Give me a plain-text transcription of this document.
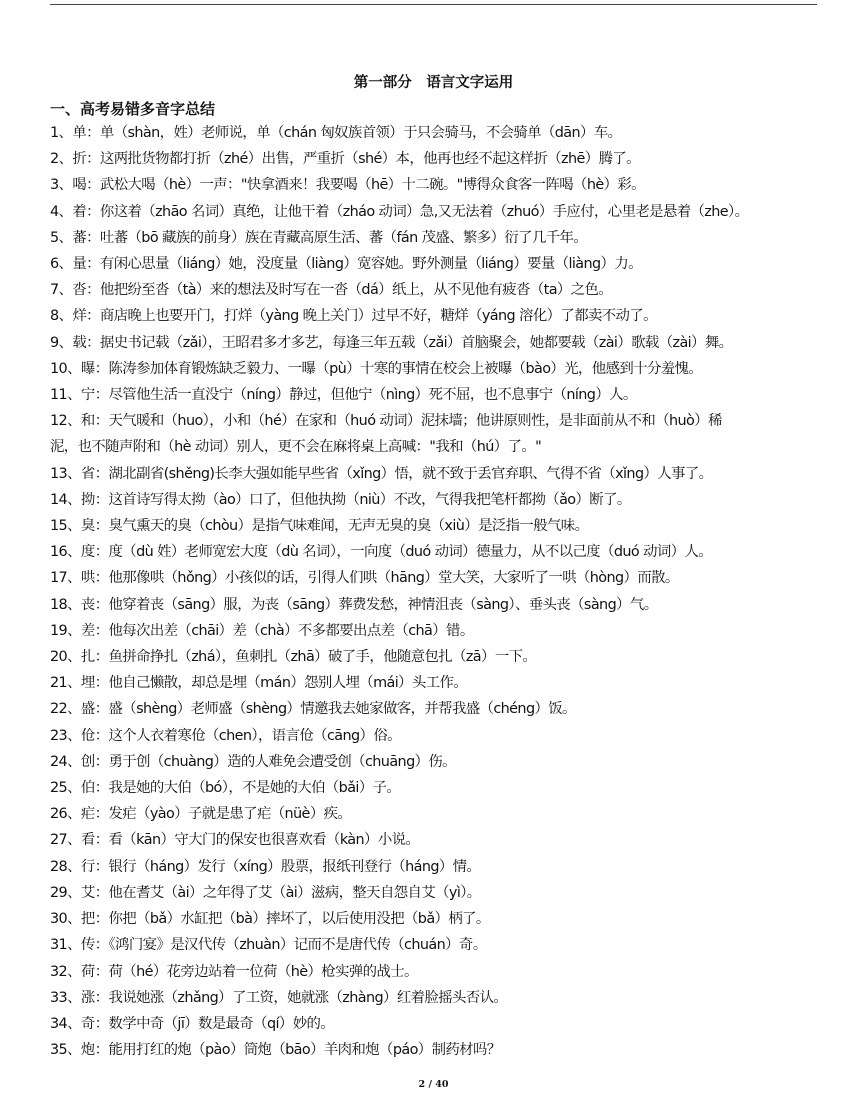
第一部分　语言文字运用
一、高考易错多音字总结
1、单：单（shàn，姓）老师说，单（chán 匈奴族首领）于只会骑马，不会骑单（dān）车。
2、折：这两批货物都打折（zhé）出售，严重折（shé）本，他再也经不起这样折（zhē）腾了。
3、喝：武松大喝（hè）一声："快拿酒来！我要喝（hē）十二碗。"博得众食客一阵喝（hè）彩。
4、着：你这着（zhāo 名词）真绝，让他干着（zháo 动词）急,又无法着（zhuó）手应付，心里老是悬着（zhe）。
5、蕃：吐蕃（bō 藏族的前身）族在青藏高原生活、蕃（fán 茂盛、繁多）衍了几千年。
6、量：有闲心思量（liáng）她，没度量（liàng）宽容她。野外测量（liáng）要量（liàng）力。
7、沓：他把纷至沓（tà）来的想法及时写在一沓（dá）纸上，从不见他有疲沓（ta）之色。
8、烊：商店晚上也要开门，打烊（yàng 晚上关门）过早不好，糖烊（yáng 溶化）了都卖不动了。
9、载：据史书记载（zǎi），王昭君多才多艺，每逢三年五载（zǎi）首脑聚会，她都要载（zài）歌载（zài）舞。
10、曝：陈涛参加体育锻炼缺乏毅力、一曝（pù）十寒的事情在校会上被曝（bào）光，他感到十分羞愧。
11、宁：尽管他生活一直没宁（níng）静过，但他宁（nìng）死不屈，也不息事宁（níng）人。
12、和：天气暖和（huo），小和（hé）在家和（huó 动词）泥抹墙；他讲原则性，是非面前从不和（huò）稀
泥，也不随声附和（hè 动词）别人，更不会在麻将桌上高喊："我和（hú）了。"
13、省：湖北副省(shěng)长李大强如能早些省（xǐng）悟，就不致于丢官弃职、气得不省（xǐng）人事了。
14、拗：这首诗写得太拗（ào）口了，但他执拗（niù）不改，气得我把笔杆都拗（ǎo）断了。
15、臭：臭气熏天的臭（chòu）是指气味难闻，无声无臭的臭（xiù）是泛指一般气味。
16、度：度（dù 姓）老师宽宏大度（dù 名词），一向度（duó 动词）德量力，从不以己度（duó 动词）人。
17、哄：他那像哄（hǒng）小孩似的话，引得人们哄（hāng）堂大笑，大家听了一哄（hòng）而散。
18、丧：他穿着丧（sāng）服，为丧（sāng）葬费发愁，神情沮丧（sàng）、垂头丧（sàng）气。
19、差：他每次出差（chāi）差（chà）不多都要出点差（chā）错。
20、扎：鱼拼命挣扎（zhá），鱼刺扎（zhā）破了手，他随意包扎（zā）一下。
21、埋：他自己懒散，却总是埋（mán）怨别人埋（mái）头工作。
22、盛：盛（shèng）老师盛（shèng）情邀我去她家做客，并帮我盛（chéng）饭。
23、伧：这个人衣着寒伧（chen），语言伧（cāng）俗。
24、创：勇于创（chuàng）造的人难免会遭受创（chuāng）伤。
25、伯：我是她的大伯（bó），不是她的大伯（bǎi）子。
26、疟：发疟（yào）子就是患了疟（nüè）疾。
27、看：看（kān）守大门的保安也很喜欢看（kàn）小说。
28、行：银行（háng）发行（xíng）股票，报纸刊登行（háng）情。
29、艾：他在耆艾（ài）之年得了艾（ài）滋病，整天自怨自艾（yì）。
30、把：你把（bǎ）水缸把（bà）摔坏了，以后使用没把（bǎ）柄了。
31、传：《鸿门宴》是汉代传（zhuàn）记而不是唐代传（chuán）奇。
32、荷：荷（hé）花旁边站着一位荷（hè）枪实弹的战士。
33、涨：我说她涨（zhǎng）了工资，她就涨（zhàng）红着脸摇头否认。
34、奇：数学中奇（jī）数是最奇（qí）妙的。
35、炮：能用打红的炮（pào）筒炮（bāo）羊肉和炮（páo）制药材吗？
2 / 40
